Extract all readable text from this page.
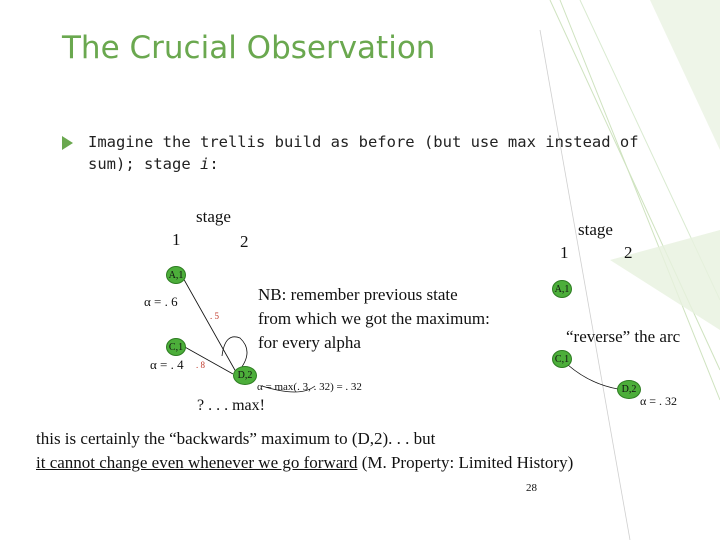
The Crucial Observation
Imagine the trellis build as before (but use max instead of sum); stage i:
stage
1	2
A,1
C,1
D,2
α = . 6
α = . 4
. 5
. 8
α = max(. 3, . 32) = . 32
? . . . max!
NB: remember previous state
from which we got the maximum:
for every alpha
stage
1	2
A,1
C,1
D,2
“reverse” the arc
α = . 32
this is certainly the “backwards” maximum to (D,2). . . but
it cannot change even whenever we go forward (M. Property: Limited History)
28
